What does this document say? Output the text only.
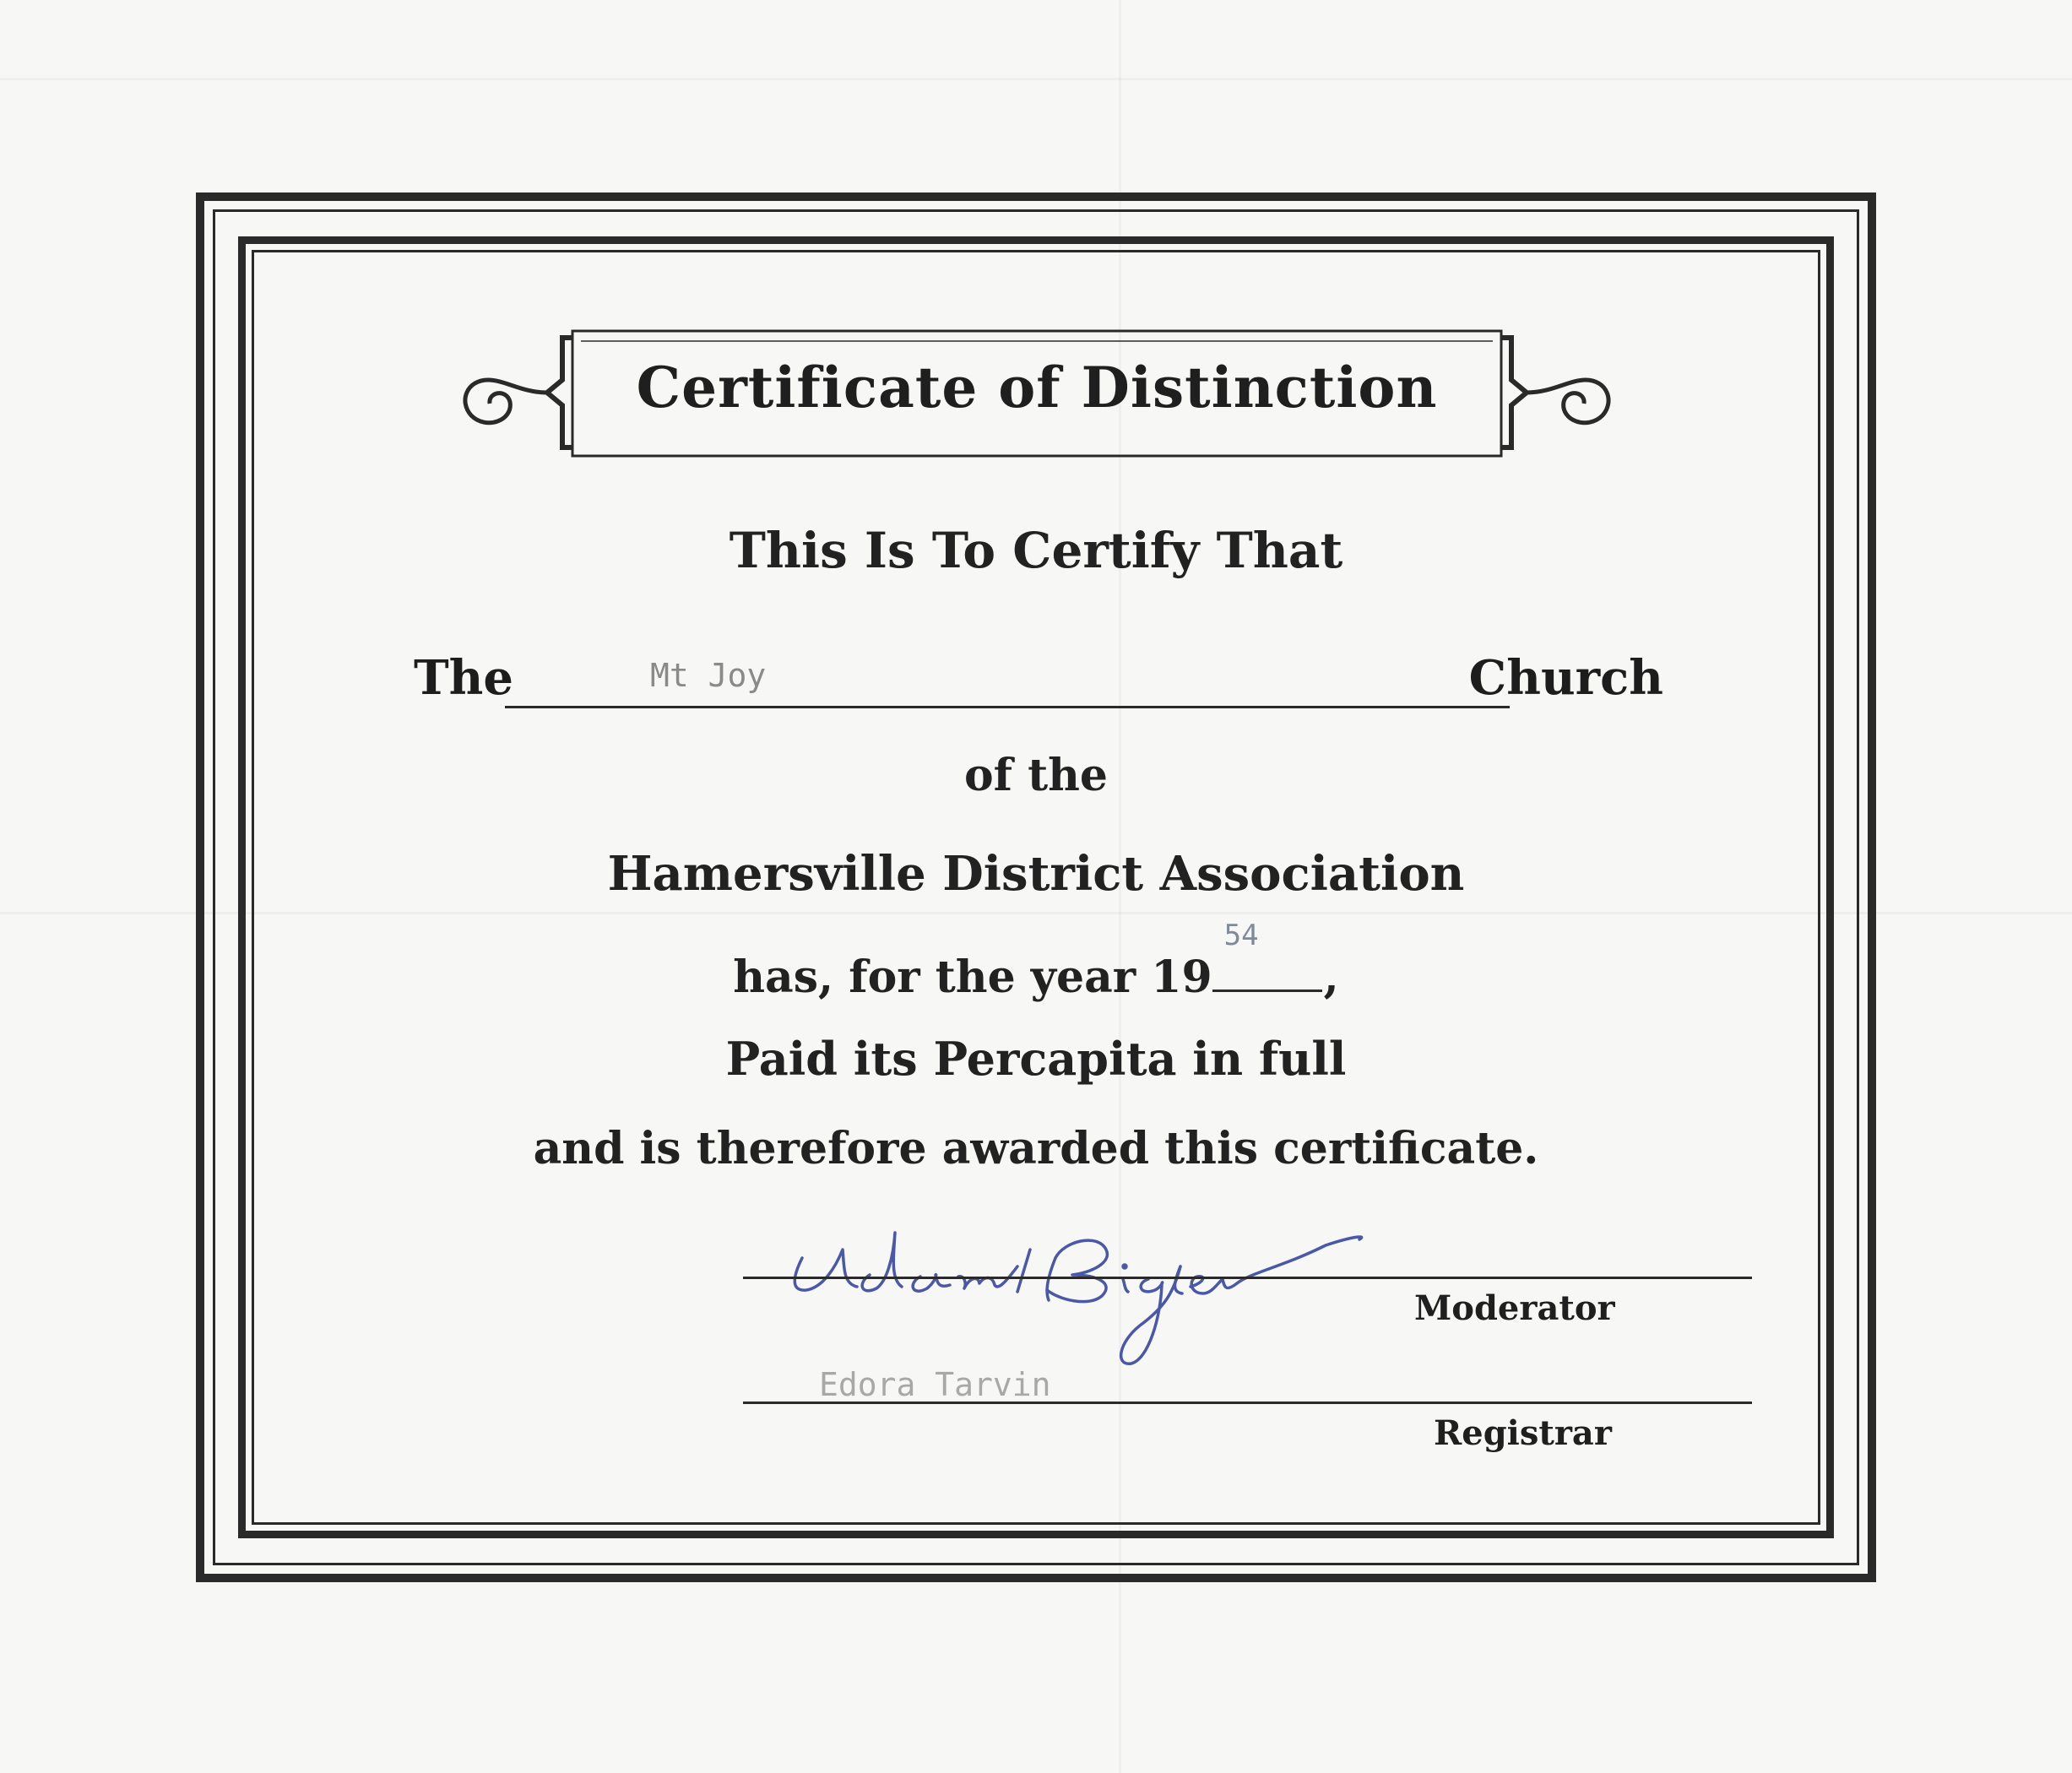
Certificate of Distinction
This Is To Certify That
The	Mt Joy	Church
of the
Hamersville District Association
has, for the year 19
54
,
Paid its Percapita in full
and is therefore awarded this certificate.
Moderator
Edora Tarvin
Registrar
